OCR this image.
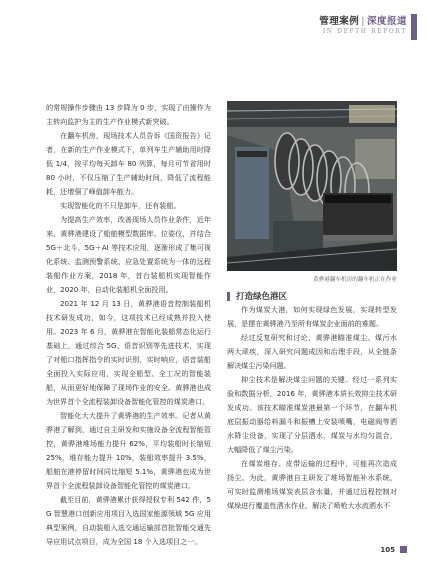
管理案例 | 深度报道
IN DEPTH REPORT

的常规操作步骤由 13 步降为 0 步，实现了由操作为主转向监护为主的生产作业模式新突破。

在翻车机房，现场技术人员告诉《国资报告》记者，在新的生产作业模式下，单列车生产辅助用时降低 1/4，按平均每天卸车 80 列算，每月可节省用时 80 小时，不仅压缩了生产辅助时间，降低了流程能耗，还增强了峰值卸车能力。

实现智能化的不只是卸车，还有装船。

为提高生产效率，改善现场人员作业条件，近年来，黄骅港建设了船舶模型数据库、位姿仪，并结合 5G＋北斗、5G＋AI 等技术应用，逐渐形成了集可视化系统、监测预警系统、应急处置系统为一体的远程装船作业方案，2018 年，首台装船机实现智能作业，2020 年，自动化装船机全面投用。

2021 年 12 月 13 日，黄骅港语音控制装船机技术研发成功，如今，这项技术已经成熟并投入使用。2023 年 6 月，黄骅港在智能化装船常态化运行基础上，通过综合 5G、语音识别等先进技术，实现了对船口指挥指令的实时识别，实时响应，语音装船全面投入实际应用，实现全船型、全工况的智能装船，从而更好地保障了现场作业的安全。黄骅港也成为世界首个全流程装卸设备智能化管控的煤炭港口。

智能化大大提升了黄骅港的生产效率。记者从黄骅港了解到，通过自主研发和实施设备全流程智能管控，黄骅港堆场能力提升 62%，平均装船时长缩短 25%，堆存能力提升 10%，装船效率提升 3.5%，船舶在港停留时间同比缩短 5.1%，黄骅港也成为世界首个全流程装卸设备智能化管控的煤炭港口。

截至目前，黄骅港累计获得授权专利 542 件，5G 智慧港口创新应用项目入选国家能源领域 5G 应用典型案例，自动装船入选交通运输部首批智能交通先导应用试点项目，成为全国 18 个入选项目之一。

黄骅港翻车机房的翻车机正在作业
打造绿色港区

作为煤炭大港，如何实现绿色发展，实现转型发展，是摆在黄骅港乃至所有煤炭企业面前的难题。

经过反复研究和讨论，黄骅港瞄准煤尘、煤污水两大顽疾，深入研究问题成因和治理手段，从全链条解决煤尘污染问题。

抑尘技术是解决煤尘问题的关键。经过一系列实验和数据分析，2016 年，黄骅港本质长效抑尘技术研发成功。该技术瞄准煤炭港最第一个环节，在翻车机底层振动器给料漏斗和振槽上安装喷嘴，电磁阀等洒水降尘设备，实现了分层洒水，煤炭与水均匀混合，大幅降低了煤尘污染。

在煤炭堆存、皮带运输的过程中，可能再次造成扬尘。为此，黄骅港自主研发了堆场智能补水系统，可实时监测堆场煤炭表层含水量，并通过远程控制对煤垛进行覆盖性洒水作业，解决了喷枪大水流洒水不

105
